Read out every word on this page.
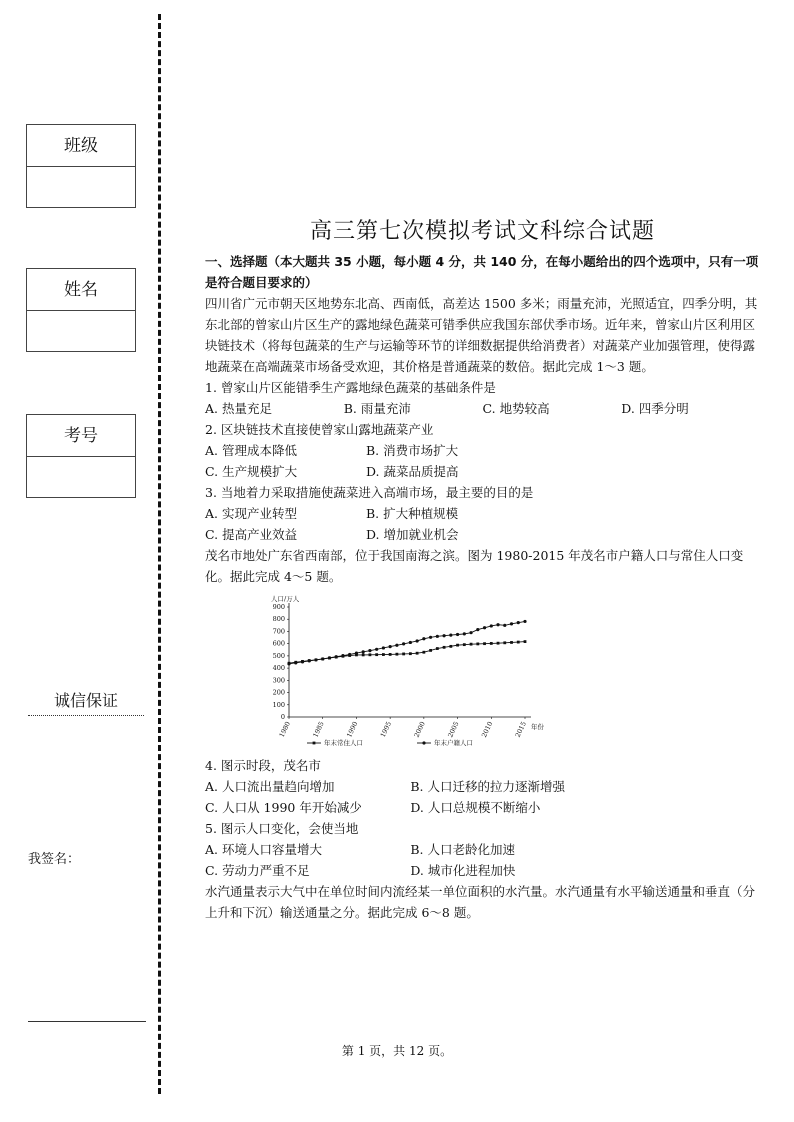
班级
姓名
考号
诚信保证
我签名：
高三第七次模拟考试文科综合试题
一、选择题（本大题共 35 小题，每小题 4 分，共 140 分，在每小题给出的四个选项中，只有一项是符合题目要求的）
四川省广元市朝天区地势东北高、西南低，高差达 1500 多米；雨量充沛，光照适宜，四季分明，其东北部的曾家山片区生产的露地绿色蔬菜可错季供应我国东部伏季市场。近年来，曾家山片区利用区块链技术（将每包蔬菜的生产与运输等环节的详细数据提供给消费者）对蔬菜产业加强管理，使得露地蔬菜在高端蔬菜市场备受欢迎，其价格是普通蔬菜的数倍。据此完成 1～3 题。
1. 曾家山片区能错季生产露地绿色蔬菜的基础条件是
A. 热量充足	B. 雨量充沛	C. 地势较高	D. 四季分明
2. 区块链技术直接使曾家山露地蔬菜产业
A. 管理成本降低	B. 消费市场扩大
C. 生产规模扩大	D. 蔬菜品质提高
3. 当地着力采取措施使蔬菜进入高端市场，最主要的目的是
A. 实现产业转型	B. 扩大种植规模
C. 提高产业效益	D. 增加就业机会
茂名市地处广东省西南部，位于我国南海之滨。图为 1980-2015 年茂名市户籍人口与常住人口变化。据此完成 4～5 题。
人口/万人
年份
0
100
200
300
400
500
600
700
800
900
1980	1985	1990	1995	2000	2005	2010	2015
年末常住人口	年末户籍人口
4. 图示时段，茂名市
A. 人口流出量趋向增加	B. 人口迁移的拉力逐渐增强
C. 人口从 1990 年开始减少	D. 人口总规模不断缩小
5. 图示人口变化，会使当地
A. 环境人口容量增大	B. 人口老龄化加速
C. 劳动力严重不足	D. 城市化进程加快
水汽通量表示大气中在单位时间内流经某一单位面积的水汽量。水汽通量有水平输送通量和垂直（分上升和下沉）输送通量之分。据此完成 6～8 题。
第 1 页，共 12 页。
